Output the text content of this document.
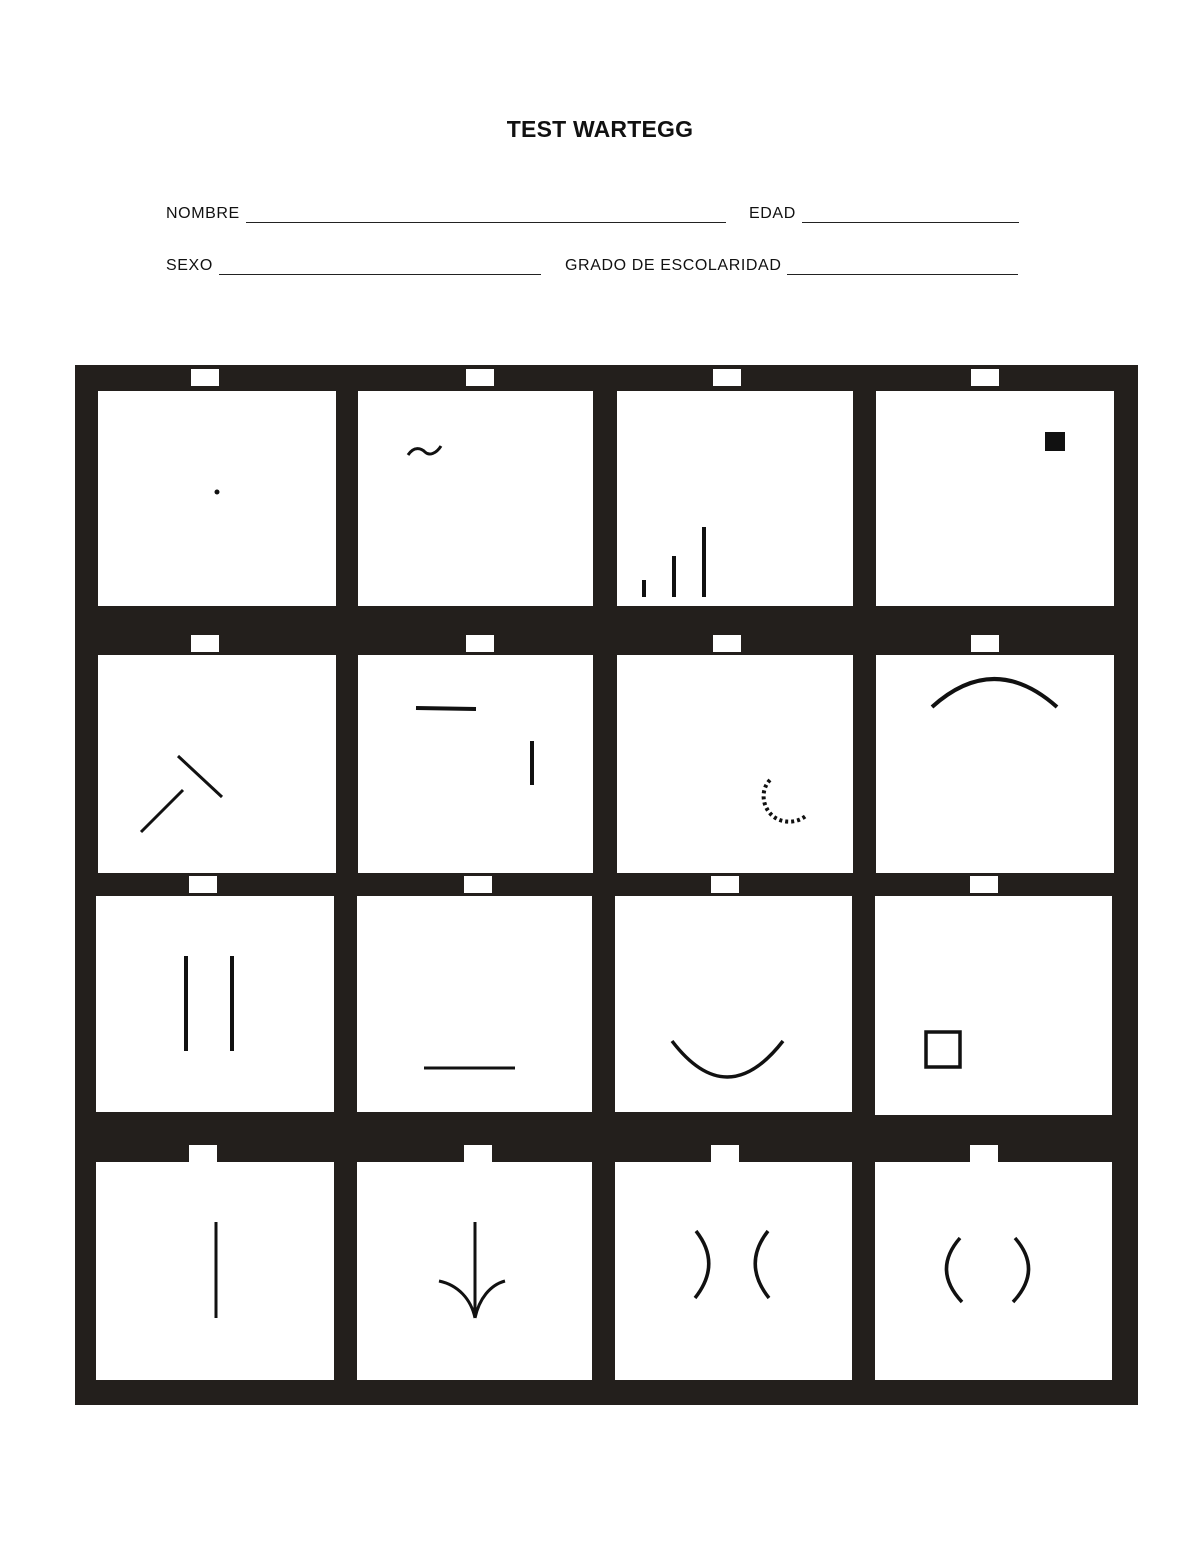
TEST WARTEGG
NOMBRE	EDAD
SEXO	GRADO DE ESCOLARIDAD
